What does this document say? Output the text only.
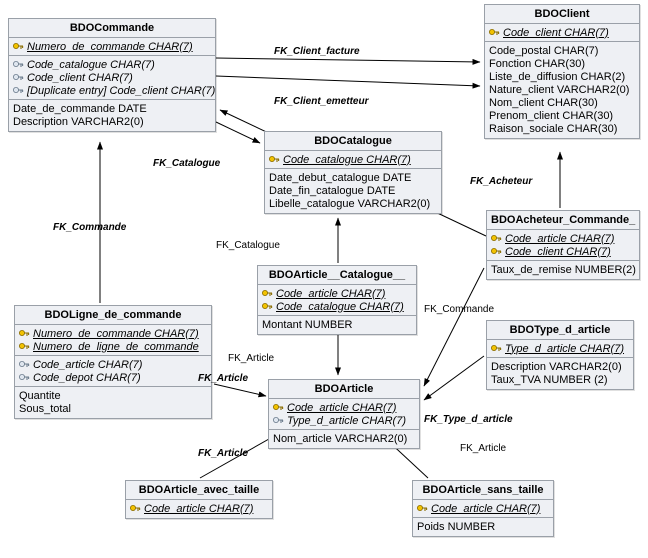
BDOCommande
Numero_de_commande CHAR(7)
Code_catalogue CHAR(7)
Code_client CHAR(7)
[Duplicate entry] Code_client CHAR(7)
Date_de_commande DATE
Description VARCHAR2(0)
BDOClient
Code_client CHAR(7)
Code_postal CHAR(7)
Fonction CHAR(30)
Liste_de_diffusion CHAR(2)
Nature_client VARCHAR2(0)
Nom_client CHAR(30)
Prenom_client CHAR(30)
Raison_sociale CHAR(30)
BDOCatalogue
Code_catalogue CHAR(7)
Date_debut_catalogue DATE
Date_fin_catalogue DATE
Libelle_catalogue VARCHAR2(0)
BDOAcheteur_Commande_
Code_article CHAR(7)
Code_client CHAR(7)
Taux_de_remise NUMBER(2)
BDOArticle__Catalogue__
Code_article CHAR(7)
Code_catalogue CHAR(7)
Montant NUMBER	BDOType_d_article
Type_d_article CHAR(7)
Description VARCHAR2(0)
Taux_TVA NUMBER (2)
BDOLigne_de_commande
Numero_de_commande CHAR(7)
Numero_de_ligne_de_commande
Code_article CHAR(7)
Code_depot CHAR(7)
Quantite
Sous_total
BDOArticle
Code_article CHAR(7)
Type_d_article CHAR(7)
Nom_article VARCHAR2(0)
BDOArticle_avec_taille
Code_article CHAR(7)
BDOArticle_sans_taille
Code_article CHAR(7)
Poids NUMBER
FK_Client_facture
FK_Client_emetteur
FK_Catalogue
FK_Commande
FK_Acheteur
FK_Catalogue
FK_Commande
FK_Article
FK_Article
FK_Type_d_article
FK_Article
FK_Article
